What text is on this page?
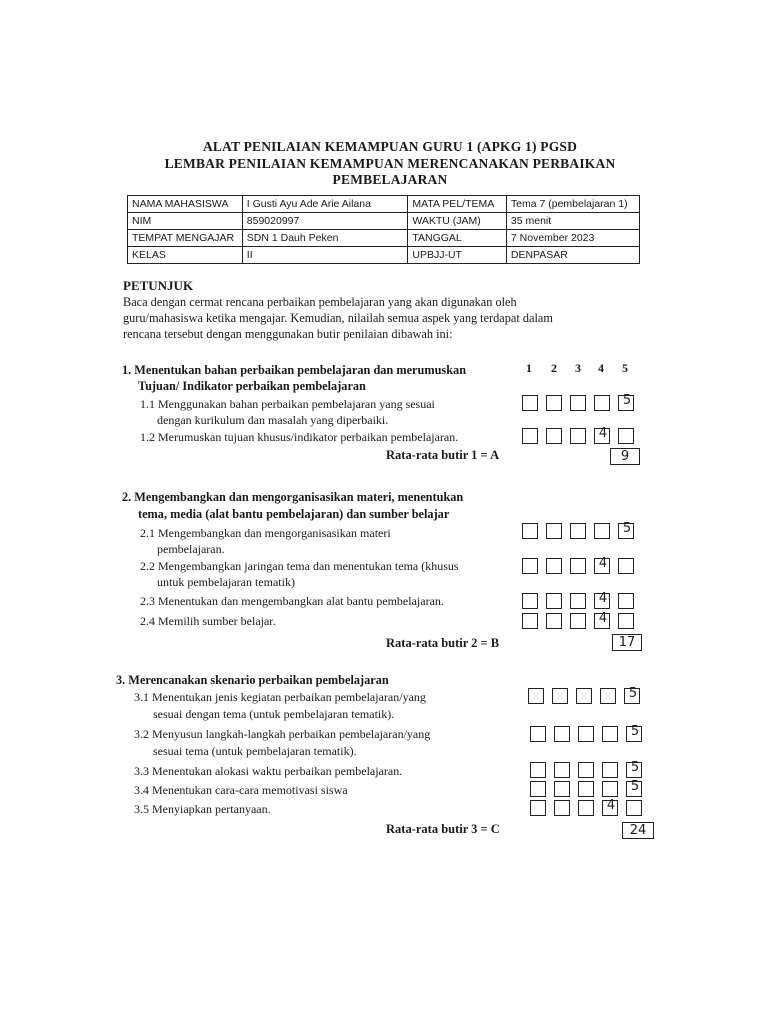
ALAT PENILAIAN KEMAMPUAN GURU 1 (APKG 1) PGSD
LEMBAR PENILAIAN KEMAMPUAN MERENCANAKAN PERBAIKAN
PEMBELAJARAN
NAMA MAHASISWA	I Gusti Ayu Ade Arie Ailana	MATA PEL/TEMA	Tema 7 (pembelajaran 1)
NIM	859020997	WAKTU (JAM)	35 menit
TEMPAT MENGAJAR	SDN 1 Dauh Peken	TANGGAL	7 November 2023
KELAS	II	UPBJJ-UT	DENPASAR
PETUNJUK
Baca dengan cermat rencana perbaikan pembelajaran yang akan digunakan oleh
guru/mahasiswa ketika mengajar. Kemudian, nilailah semua aspek yang terdapat dalam
rencana tersebut dengan menggunakan butir penilaian dibawah ini:
1 2 3 4 5
1. Menentukan bahan perbaikan pembelajaran dan merumuskan
Tujuan/ Indikator perbaikan pembelajaran
1.1 Menggunakan bahan perbaikan pembelajaran yang sesuai
dengan kurikulum dan masalah yang diperbaiki.
5
1.2 Merumuskan tujuan khusus/indikator perbaikan pembelajaran.	4
Rata-rata butir 1 = A	9
2. Mengembangkan dan mengorganisasikan materi, menentukan
tema, media (alat bantu pembelajaran) dan sumber belajar
2.1 Mengembangkan dan mengorganisasikan materi
pembelajaran.
5
2.2 Mengembangkan jaringan tema dan menentukan tema (khusus
untuk pembelajaran tematik)
4
2.3 Menentukan dan mengembangkan alat bantu pembelajaran.	4
2.4 Memilih sumber belajar.	4
Rata-rata butir 2 = B	17
3. Merencanakan skenario perbaikan pembelajaran
3.1 Menentukan jenis kegiatan perbaikan pembelajaran/yang
sesuai dengan tema (untuk pembelajaran tematik).
5
3.2 Menyusun langkah-langkah perbaikan pembelajaran/yang
sesuai tema (untuk pembelajaran tematik).
5
3.3 Menentukan alokasi waktu perbaikan pembelajaran.	5
3.4 Menentukan cara-cara memotivasi siswa	5
3.5 Menyiapkan pertanyaan.	4
Rata-rata butir 3 = C	24
